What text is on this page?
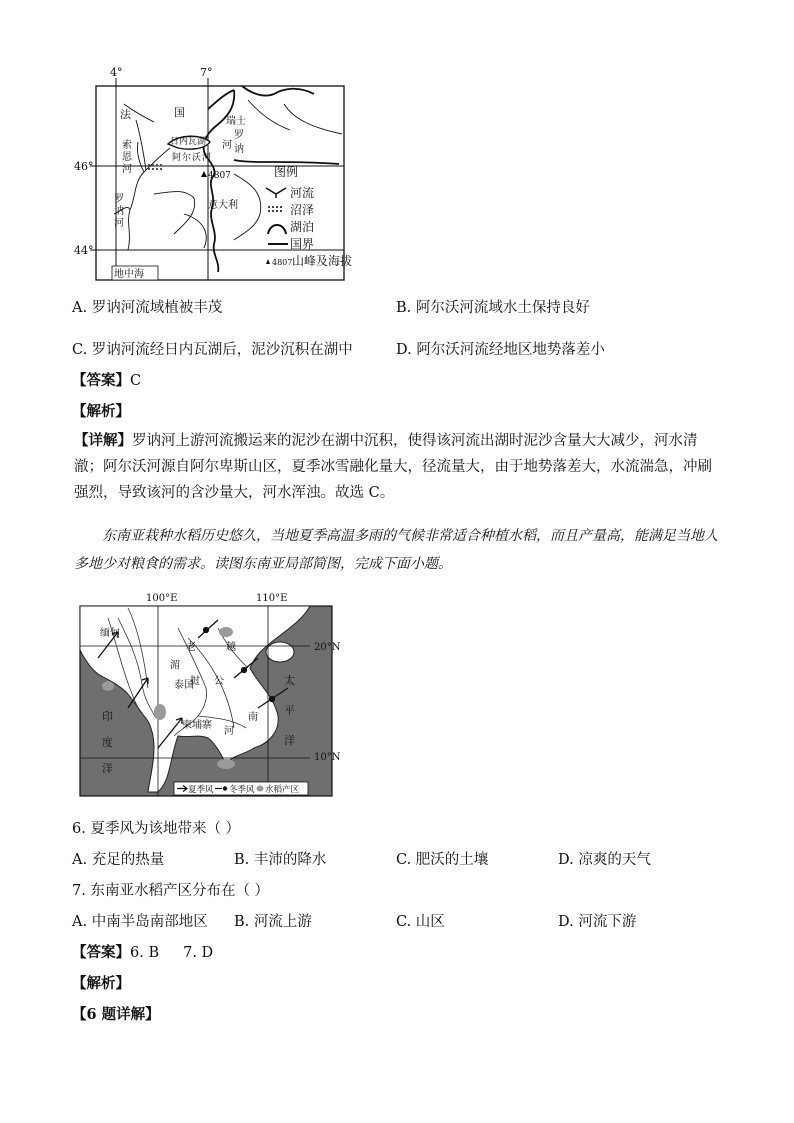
4°	7°
46°
44°
法	国
瑞士
日内瓦湖
阿 尔 沃 河
索
恩
河
罗
讷
河
罗
讷
河
4807
意大利
地中海
图例
河流
沼泽
湖泊
国界
4807 山峰及海拔
A. 罗讷河流域植被丰茂	B. 阿尔沃河流域水土保持良好
C. 罗讷河流经日内瓦湖后，泥沙沉积在湖中	D. 阿尔沃河流经地区地势落差小
【答案】C
【解析】
【详解】罗讷河上游河流搬运来的泥沙在湖中沉积，使得该河流出湖时泥沙含量大大减少，河水清澈；阿尔沃河源自阿尔卑斯山区，夏季冰雪融化量大，径流量大，由于地势落差大，水流湍急，冲刷强烈，导致该河的含沙量大，河水浑浊。故选 C。
东南亚栽种水稻历史悠久，当地夏季高温多雨的气候非常适合种植水稻，而且产量高，能满足当地人多地少对粮食的需求。读图东南亚局部简图，完成下面小题。
100°E	110°E
20°N
10°N
缅甸
老
挝
越
湄
公
河
泰国
柬埔寨
南
太
平
洋
印
度
洋
夏季风 冬季风 水稻产区
6. 夏季风为该地带来（ ）
A. 充足的热量	B. 丰沛的降水	C. 肥沃的土壤	D. 凉爽的天气
7. 东南亚水稻产区分布在（ ）
A. 中南半岛南部地区 B. 河流上游	C. 山区	D. 河流下游
【答案】6. B 7. D
【解析】
【6 题详解】
